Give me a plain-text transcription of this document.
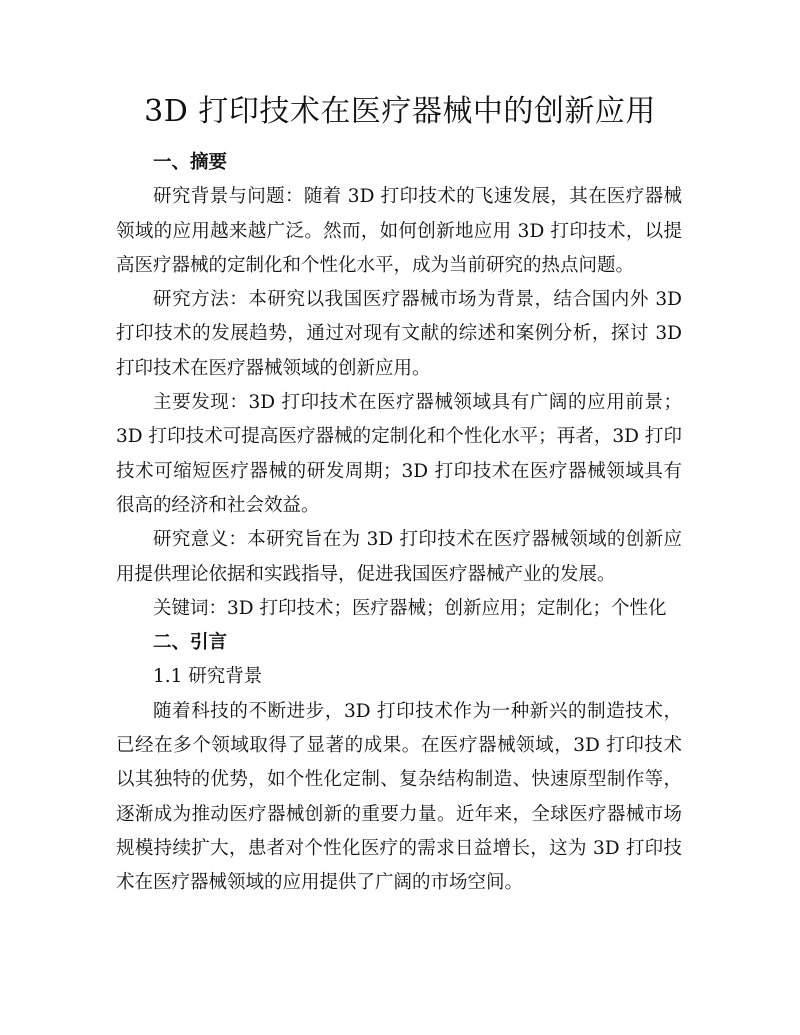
3D 打印技术在医疗器械中的创新应用
一、摘要

研究背景与问题：随着 3D 打印技术的飞速发展，其在医疗器械领域的应用越来越广泛。然而，如何创新地应用 3D 打印技术，以提高医疗器械的定制化和个性化水平，成为当前研究的热点问题。

研究方法：本研究以我国医疗器械市场为背景，结合国内外 3D 打印技术的发展趋势，通过对现有文献的综述和案例分析，探讨 3D 打印技术在医疗器械领域的创新应用。

主要发现：3D 打印技术在医疗器械领域具有广阔的应用前景；3D 打印技术可提高医疗器械的定制化和个性化水平；再者，3D 打印技术可缩短医疗器械的研发周期；3D 打印技术在医疗器械领域具有很高的经济和社会效益。

研究意义：本研究旨在为 3D 打印技术在医疗器械领域的创新应用提供理论依据和实践指导，促进我国医疗器械产业的发展。

关键词：3D 打印技术；医疗器械；创新应用；定制化；个性化

二、引言

1.1 研究背景

随着科技的不断进步，3D 打印技术作为一种新兴的制造技术，已经在多个领域取得了显著的成果。在医疗器械领域，3D 打印技术以其独特的优势，如个性化定制、复杂结构制造、快速原型制作等，逐渐成为推动医疗器械创新的重要力量。近年来，全球医疗器械市场规模持续扩大，患者对个性化医疗的需求日益增长，这为 3D 打印技术在医疗器械领域的应用提供了广阔的市场空间。
